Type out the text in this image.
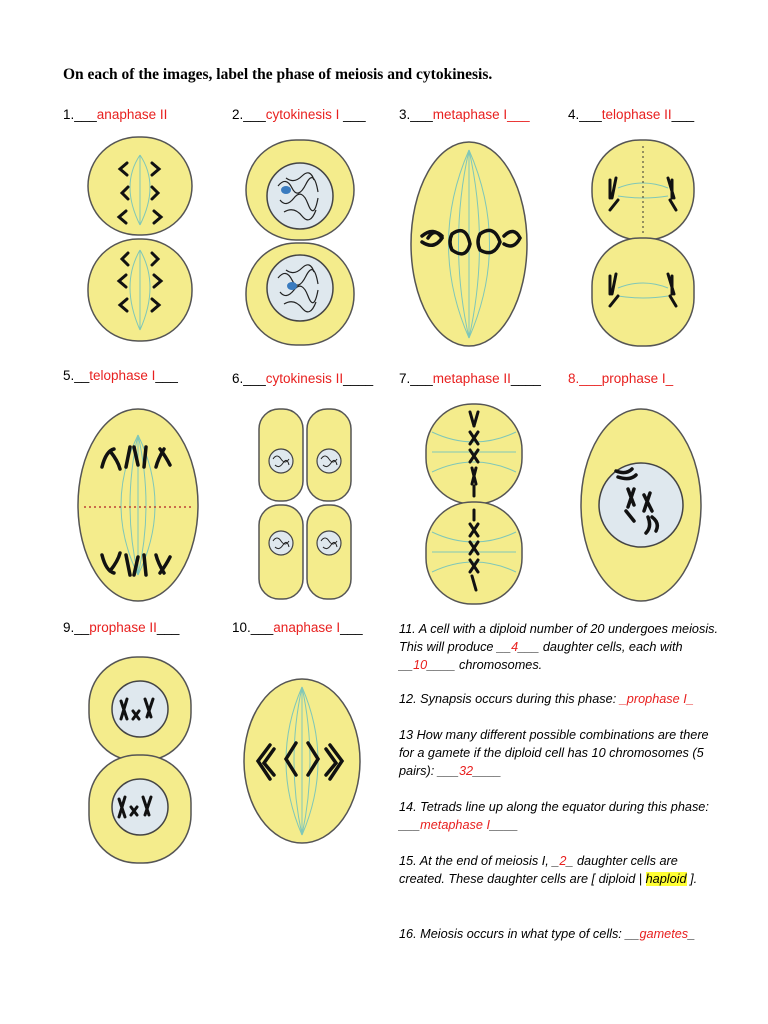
On each of the images, label the phase of meiosis and cytokinesis.
1.___anaphase II	2.___cytokinesis I ___ 3.___metaphase I___	4.___telophase II___
5.__telophase I___	6.___cytokinesis II____ 7.___metaphase II____ 8.___prophase I_
9.__prophase II___	10.___anaphase I___	11. A cell with a diploid number of 20 undergoes meiosis. This will produce __4___ daughter cells, each with __10____ chromosomes.
12. Synapsis occurs during this phase: _prophase I_
13 How many different possible combinations are there for a gamete if the diploid cell has 10 chromosomes (5 pairs): ___32____
14. Tetrads line up along the equator during this phase: ___metaphase I____
15. At the end of meiosis I, _2_ daughter cells are created. These daughter cells are [ diploid | haploid ].
16. Meiosis occurs in what type of cells: __gametes_
